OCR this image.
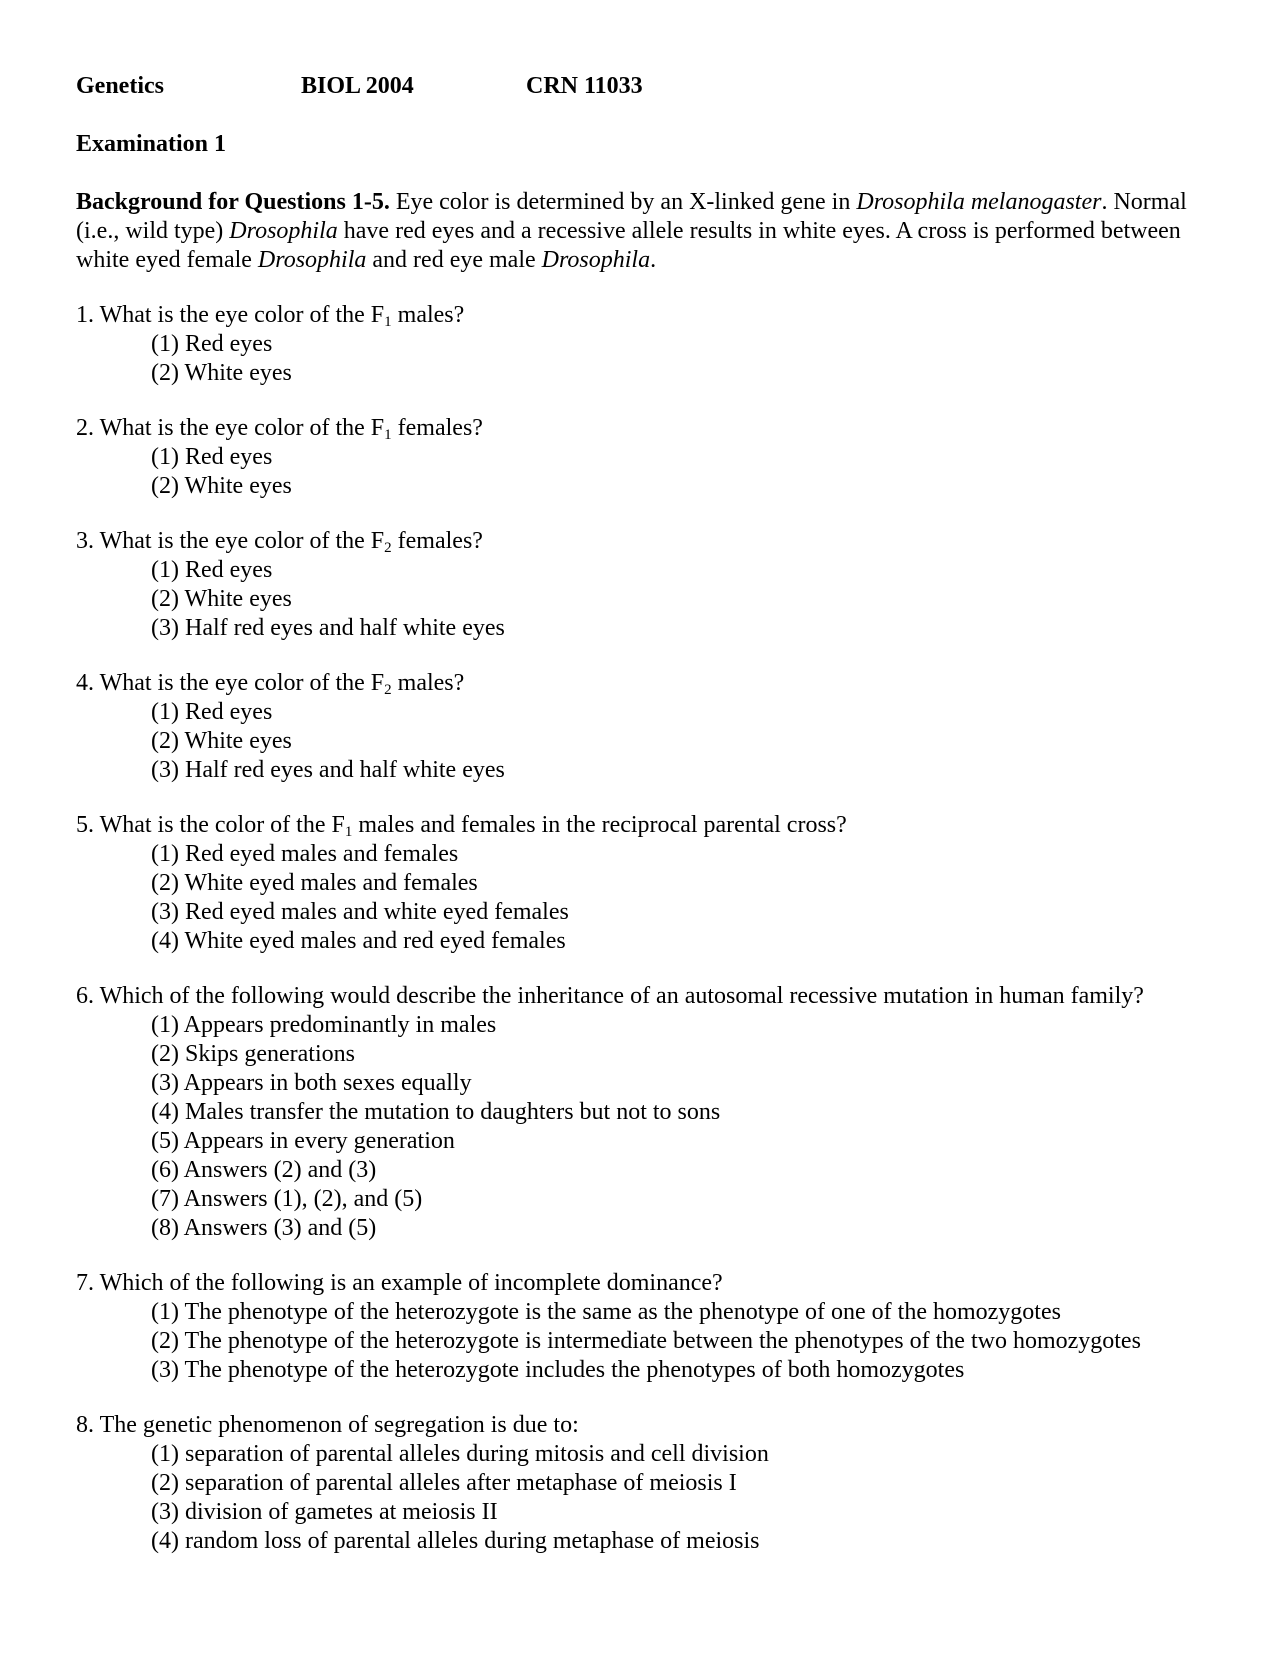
Genetics	BIOL 2004	CRN 11033
Examination 1

Background for Questions 1-5. Eye color is determined by an X-linked gene in Drosophila melanogaster. Normal (i.e., wild type) Drosophila have red eyes and a recessive allele results in white eyes. A cross is performed between white eyed female Drosophila and red eye male Drosophila.

1. What is the eye color of the $F_1$ males?
(1) Red eyes
(2) White eyes
2. What is the eye color of the $F_1$ females?
(1) Red eyes
(2) White eyes
3. What is the eye color of the $F_2$ females?
(1) Red eyes
(2) White eyes
(3) Half red eyes and half white eyes
4. What is the eye color of the $F_2$ males?
(1) Red eyes
(2) White eyes
(3) Half red eyes and half white eyes
5. What is the color of the $F_1$ males and females in the reciprocal parental cross?
(1) Red eyed males and females
(2) White eyed males and females
(3) Red eyed males and white eyed females
(4) White eyed males and red eyed females
6. Which of the following would describe the inheritance of an autosomal recessive mutation in human family?
(1) Appears predominantly in males
(2) Skips generations
(3) Appears in both sexes equally
(4) Males transfer the mutation to daughters but not to sons
(5) Appears in every generation
(6) Answers (2) and (3)
(7) Answers (1), (2), and (5)
(8) Answers (3) and (5)
7. Which of the following is an example of incomplete dominance?
(1) The phenotype of the heterozygote is the same as the phenotype of one of the homozygotes
(2) The phenotype of the heterozygote is intermediate between the phenotypes of the two homozygotes
(3) The phenotype of the heterozygote includes the phenotypes of both homozygotes
8. The genetic phenomenon of segregation is due to:
(1) separation of parental alleles during mitosis and cell division
(2) separation of parental alleles after metaphase of meiosis I
(3) division of gametes at meiosis II
(4) random loss of parental alleles during metaphase of meiosis
